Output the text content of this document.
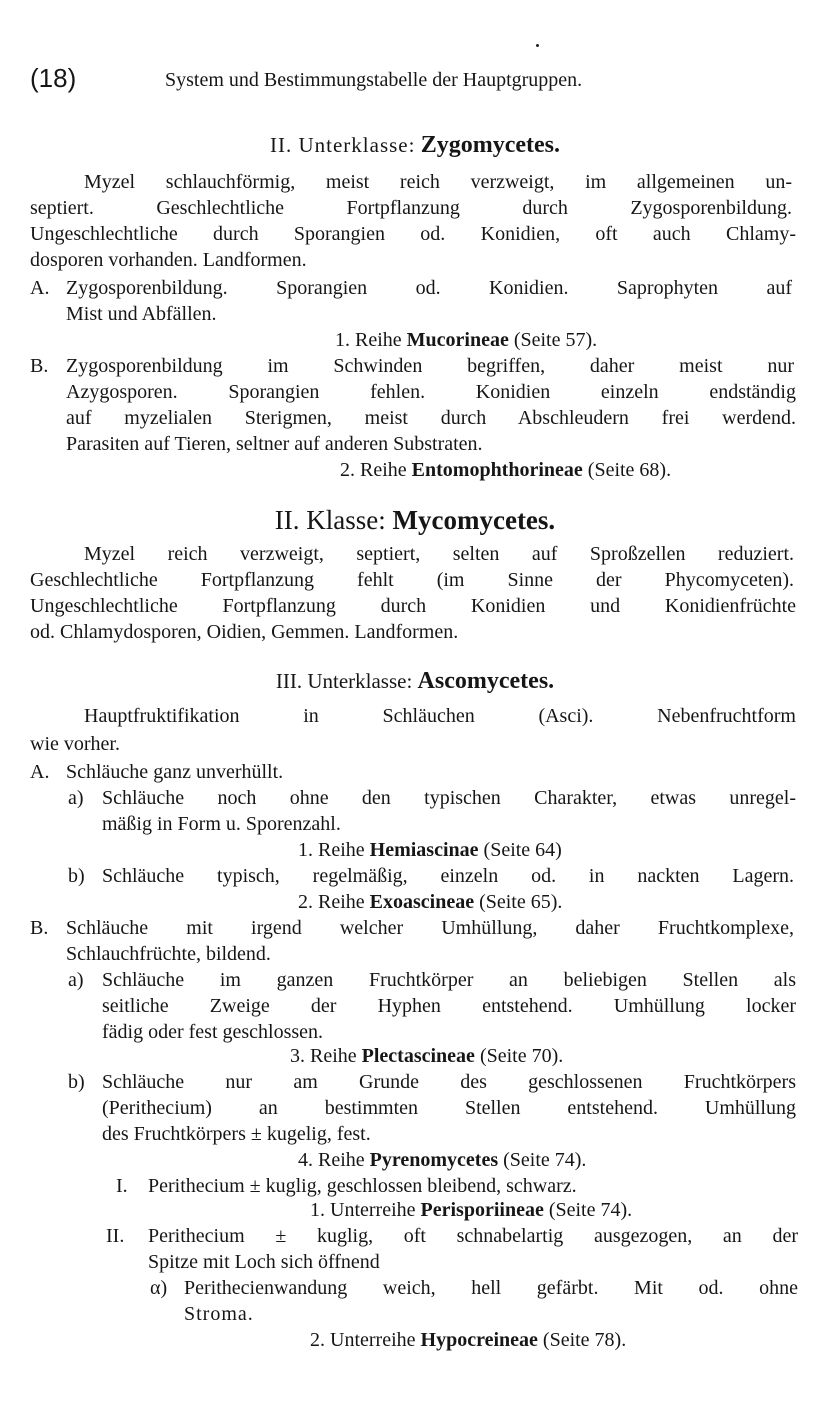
(18)	System und Bestimmungstabelle der Hauptgruppen.
II. Unterklasse: Zygomycetes.
Myzel schlauchförmig, meist reich verzweigt, im allgemeinen un-
septiert. Geschlechtliche Fortpflanzung durch Zygosporenbildung.
Ungeschlechtliche durch Sporangien od. Konidien, oft auch Chlamy-
dosporen vorhanden. Landformen.
A. Zygosporenbildung. Sporangien od. Konidien. Saprophyten auf
Mist und Abfällen.
1. Reihe Mucorineae (Seite 57).
B. Zygosporenbildung im Schwinden begriffen, daher meist nur
Azygosporen. Sporangien fehlen. Konidien einzeln endständig
auf myzelialen Sterigmen, meist durch Abschleudern frei werdend.
Parasiten auf Tieren, seltner auf anderen Substraten.
2. Reihe Entomophthorineae (Seite 68).
II. Klasse: Mycomycetes.
Myzel reich verzweigt, septiert, selten auf Sproßzellen reduziert.
Geschlechtliche Fortpflanzung fehlt (im Sinne der Phycomyceten).
Ungeschlechtliche Fortpflanzung durch Konidien und Konidienfrüchte
od. Chlamydosporen, Oidien, Gemmen. Landformen.
III. Unterklasse: Ascomycetes.
Hauptfruktifikation in Schläuchen (Asci). Nebenfruchtform
wie vorher.
A. Schläuche ganz unverhüllt.
a) Schläuche noch ohne den typischen Charakter, etwas unregel-
mäßig in Form u. Sporenzahl.
1. Reihe Hemiascinae (Seite 64)
b) Schläuche typisch, regelmäßig, einzeln od. in nackten Lagern.
2. Reihe Exoascineae (Seite 65).
B. Schläuche mit irgend welcher Umhüllung, daher Fruchtkomplexe,
Schlauchfrüchte, bildend.
a) Schläuche im ganzen Fruchtkörper an beliebigen Stellen als
seitliche Zweige der Hyphen entstehend. Umhüllung locker
fädig oder fest geschlossen.
3. Reihe Plectascineae (Seite 70).
b) Schläuche nur am Grunde des geschlossenen Fruchtkörpers
(Perithecium) an bestimmten Stellen entstehend. Umhüllung
des Fruchtkörpers ± kugelig, fest.
4. Reihe Pyrenomycetes (Seite 74).
I.	Perithecium ± kuglig, geschlossen bleibend, schwarz.
1. Unterreihe Perisporiineae (Seite 74).
II.	Perithecium ± kuglig, oft schnabelartig ausgezogen, an der
Spitze mit Loch sich öffnend
α) Perithecienwandung weich, hell gefärbt. Mit od. ohne
Stroma.
2. Unterreihe Hypocreineae (Seite 78).
